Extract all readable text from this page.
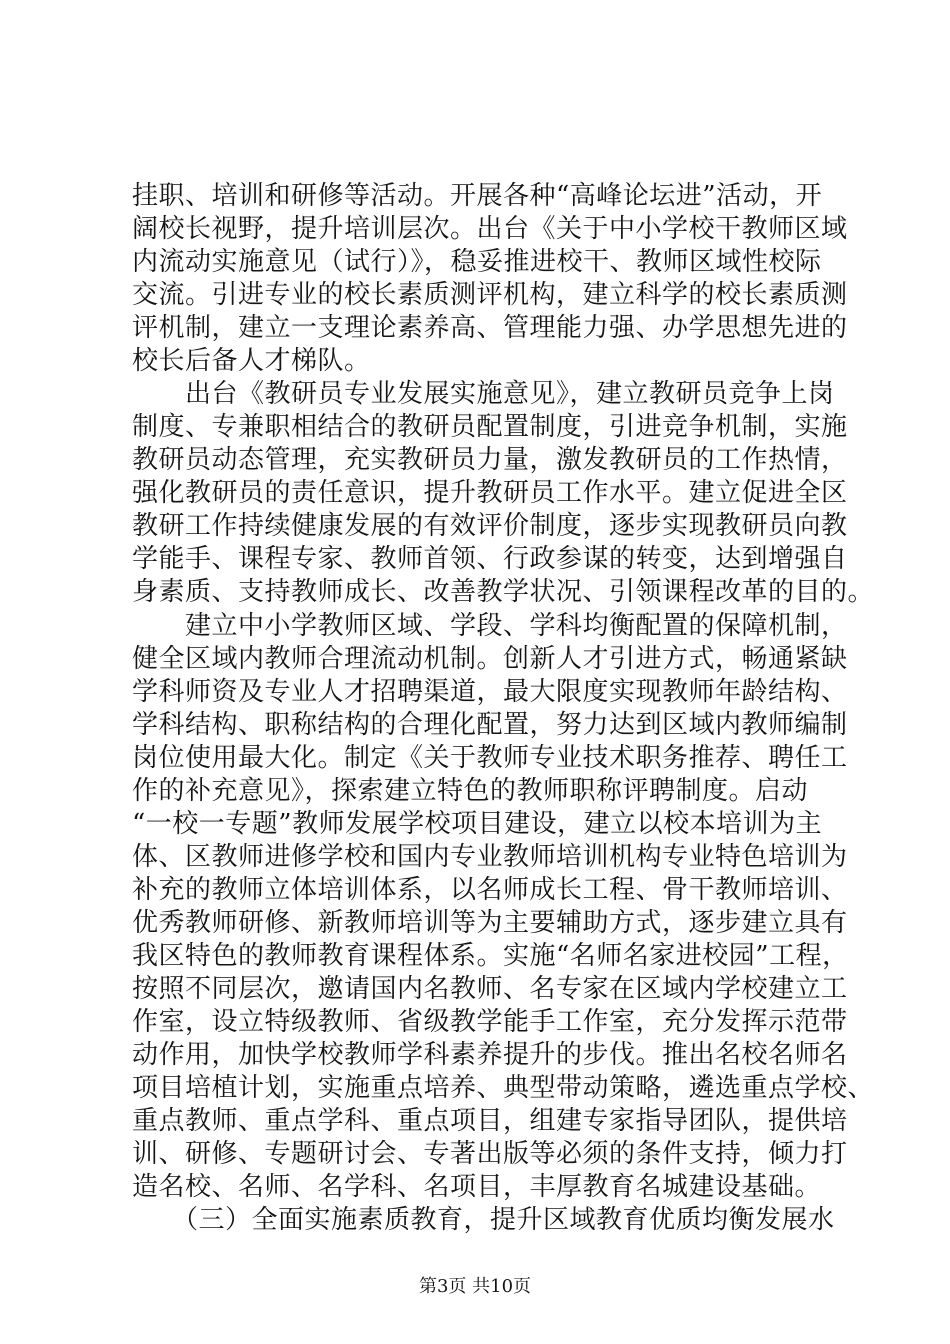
挂职、培训和研修等活动。开展各种“高峰论坛进”活动，开
阔校长视野，提升培训层次。出台《关于中小学校干教师区域
内流动实施意见（试行）》，稳妥推进校干、教师区域性校际
交流。引进专业的校长素质测评机构，建立科学的校长素质测
评机制，建立一支理论素养高、管理能力强、办学思想先进的
校长后备人才梯队。
　　出台《教研员专业发展实施意见》，建立教研员竞争上岗
制度、专兼职相结合的教研员配置制度，引进竞争机制，实施
教研员动态管理，充实教研员力量，激发教研员的工作热情，
强化教研员的责任意识，提升教研员工作水平。建立促进全区
教研工作持续健康发展的有效评价制度，逐步实现教研员向教
学能手、课程专家、教师首领、行政参谋的转变，达到增强自
身素质、支持教师成长、改善教学状况、引领课程改革的目的。
　　建立中小学教师区域、学段、学科均衡配置的保障机制，
健全区域内教师合理流动机制。创新人才引进方式，畅通紧缺
学科师资及专业人才招聘渠道，最大限度实现教师年龄结构、
学科结构、职称结构的合理化配置，努力达到区域内教师编制
岗位使用最大化。制定《关于教师专业技术职务推荐、聘任工
作的补充意见》，探索建立特色的教师职称评聘制度。启动
“一校一专题”教师发展学校项目建设，建立以校本培训为主
体、区教师进修学校和国内专业教师培训机构专业特色培训为
补充的教师立体培训体系，以名师成长工程、骨干教师培训、
优秀教师研修、新教师培训等为主要辅助方式，逐步建立具有
我区特色的教师教育课程体系。实施“名师名家进校园”工程，
按照不同层次，邀请国内名教师、名专家在区域内学校建立工
作室，设立特级教师、省级教学能手工作室，充分发挥示范带
动作用，加快学校教师学科素养提升的步伐。推出名校名师名
项目培植计划，实施重点培养、典型带动策略，遴选重点学校、
重点教师、重点学科、重点项目，组建专家指导团队，提供培
训、研修、专题研讨会、专著出版等必须的条件支持，倾力打
造名校、名师、名学科、名项目，丰厚教育名城建设基础。
　　（三）全面实施素质教育，提升区域教育优质均衡发展水
第3页 共10页
